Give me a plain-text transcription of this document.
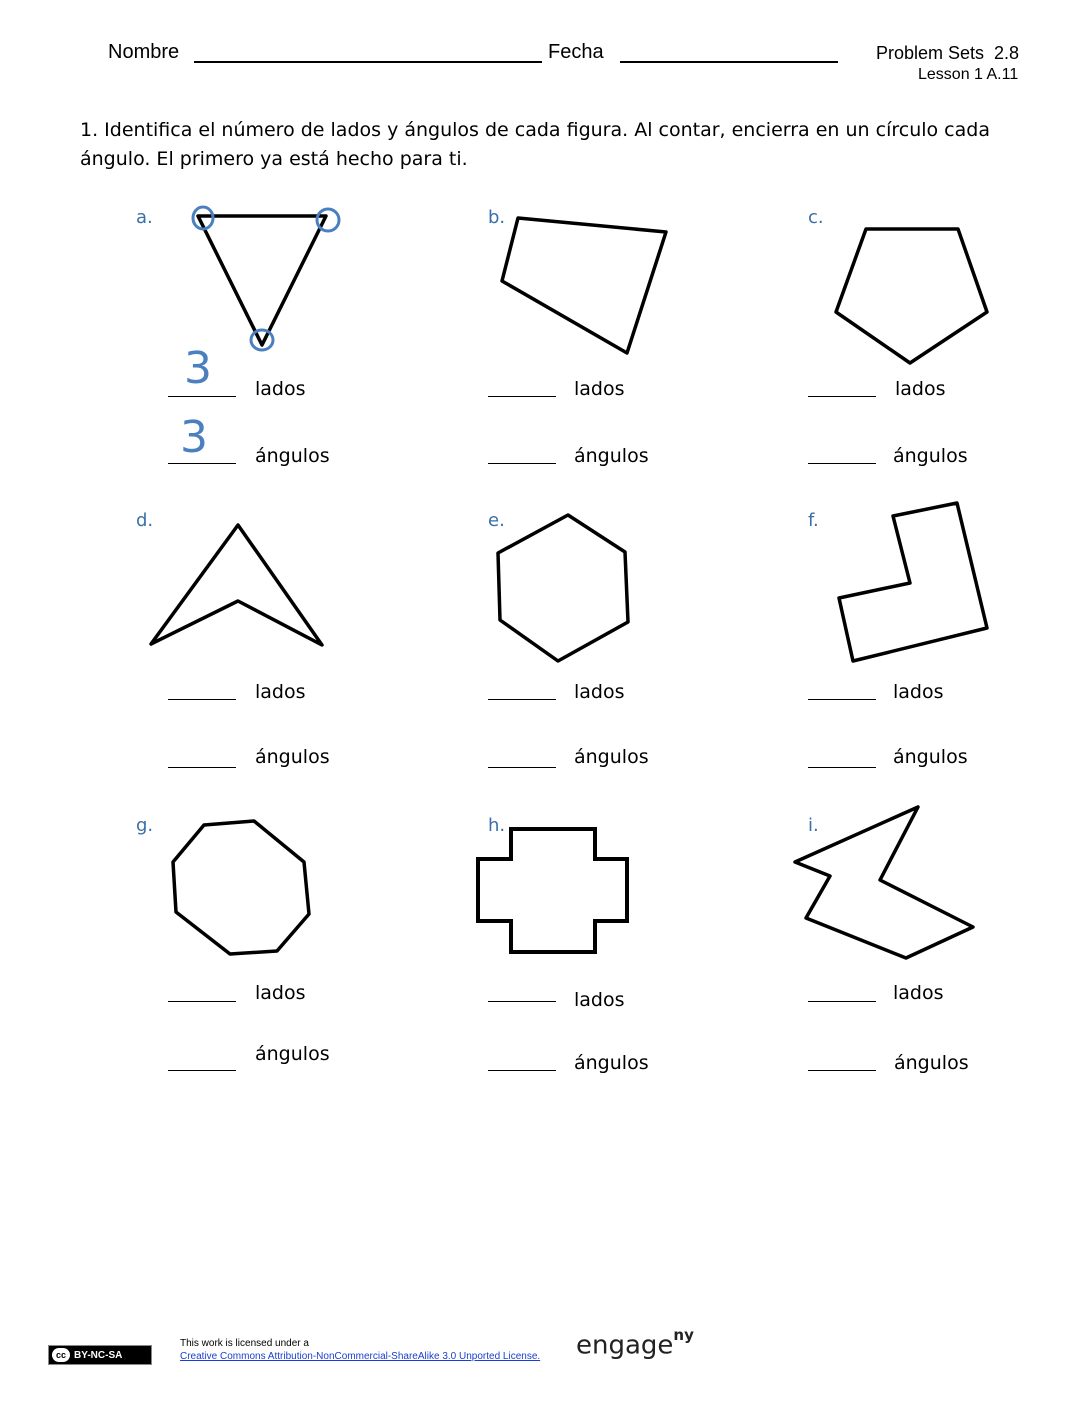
Nombre	Fecha	Problem Sets  2.8
Lesson 1 A.11
1. Identifica el número de lados y ángulos de cada figura. Al contar, encierra en un círculo cada ángulo. El primero ya está hecho para ti.
a.	b.	c.
d.	e.	f.
g.	h.	i.
3
3
lados
ángulos
lados
ángulos
lados
ángulos
lados
ángulos
lados
ángulos
lados
ángulos
lados
ángulos
lados
ángulos
lados
ángulos
cc BY-NC-SA
This work is licensed under a
Creative Commons Attribution-NonCommercial-ShareAlike 3.0 Unported License. engage$^{ny}$
